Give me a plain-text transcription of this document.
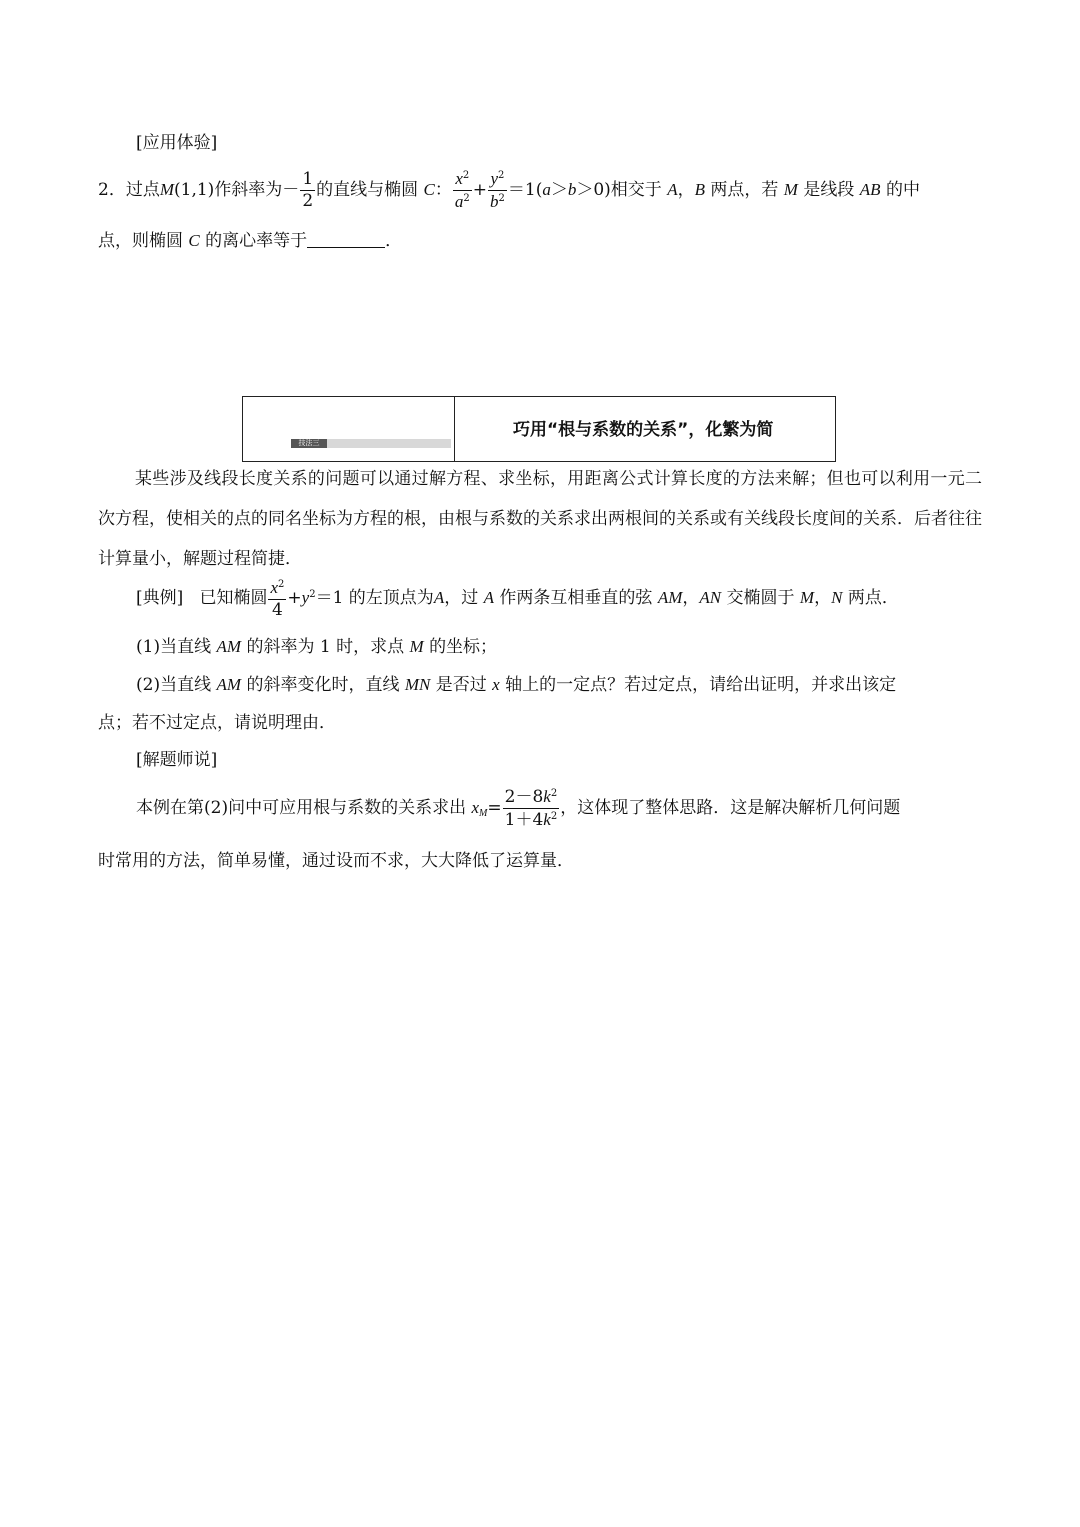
[应用体验]
2．过点M(1,1)作斜率为－ $\frac{1}{2}$ 的直线与椭圆 C： $\frac{x^2}{a^2} + \frac{y^2}{b^2} =1(a>b>0)$相交于 A，B 两点，若 M 是线段 AB 的中
点，则椭圆 C 的离心率等于	．
技法三
巧用“根与系数的关系”，化繁为简
某些涉及线段长度关系的问题可以通过解方程、求坐标，用距离公式计算长度的方法来解；但也可以利用一元二次方程，使相关的点的同名坐标为方程的根，由根与系数的关系求出两根间的关系或有关线段长度间的关系．后者往往计算量小，解题过程简捷．
[典例] 已知椭圆 $\frac{x^2}{4} +y^2=1$ 的左顶点为A，过 A 作两条互相垂直的弦 AM，AN 交椭圆于 M，N 两点．
(1)当直线 AM 的斜率为 1 时，求点 M 的坐标；
(2)当直线 AM 的斜率变化时，直线 MN 是否过 x 轴上的一定点？若过定点，请给出证明，并求出该定
点；若不过定点，请说明理由．
[解题师说]
本例在第(2)问中可应用根与系数的关系求出 $x_M= \frac{2-8k^2}{1+4k^2}$ ，这体现了整体思路．这是解决解析几何问题
时常用的方法，简单易懂，通过设而不求，大大降低了运算量．
